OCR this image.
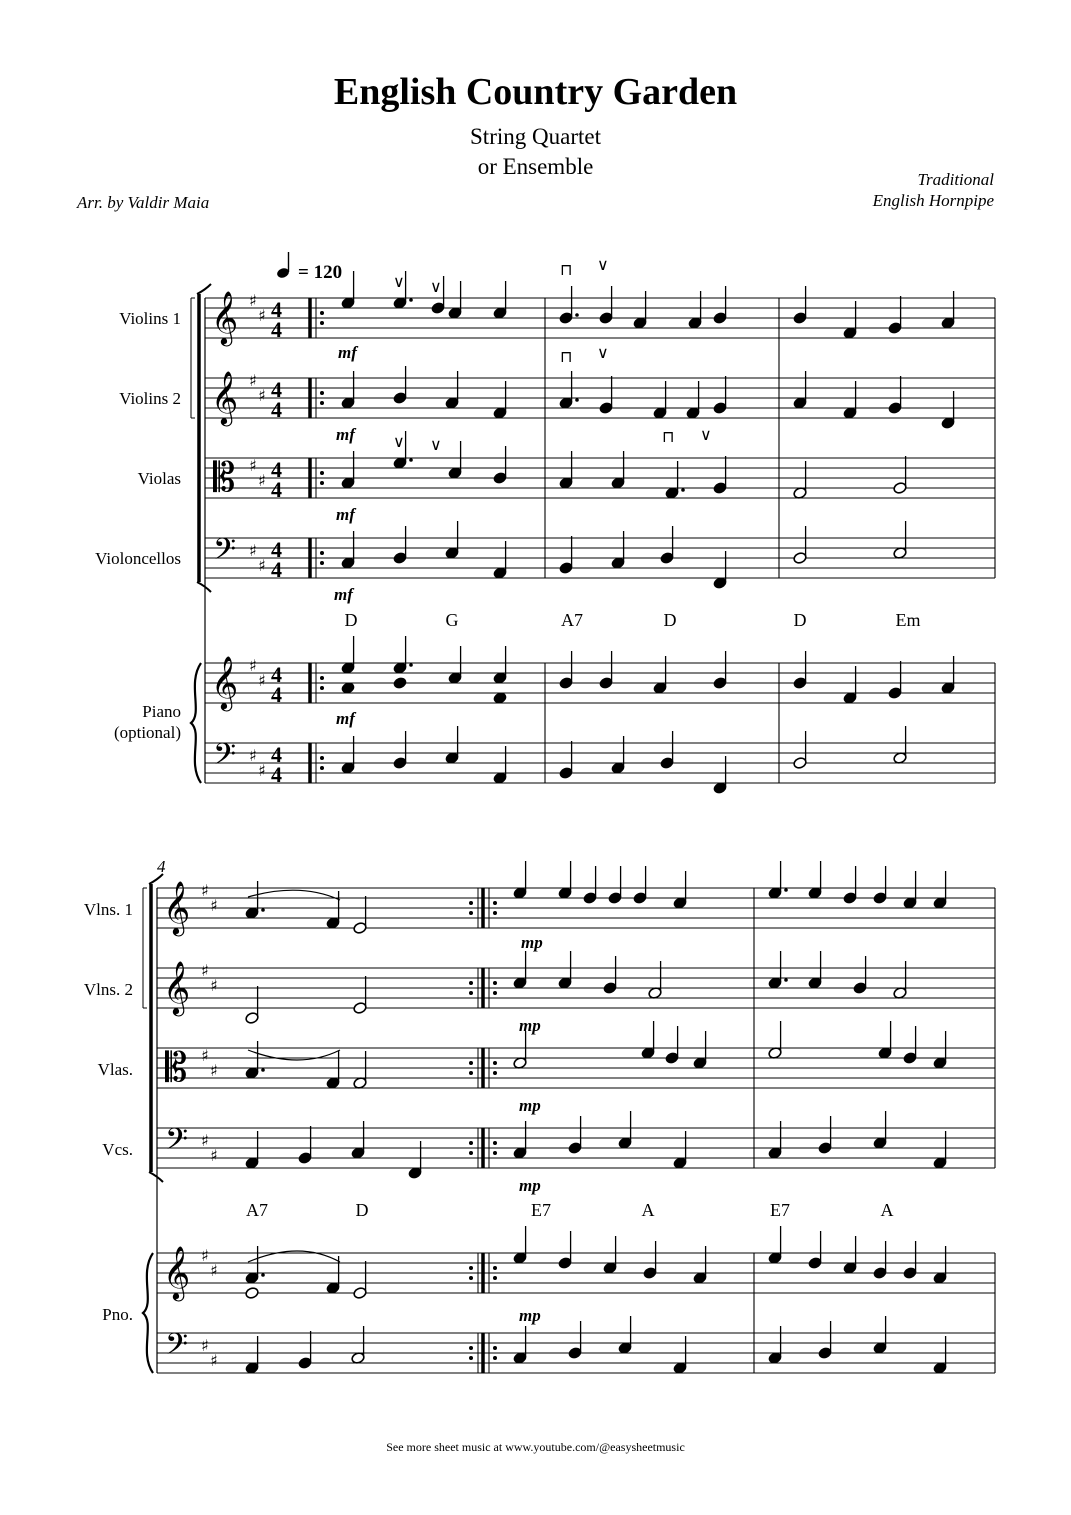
English Country Garden
String Quartet
or Ensemble
Traditional
English Hornpipe
Arr. by Valdir Maia
= 120
Violins 1
Violins 2
Violas
Violoncellos
Piano
(optional)
Vlns. 1
Vlns. 2
Vlas.
Vcs.
Pno.
4
D	G	A7	D	D	Em
A7	D	E7	A	E7	A
mf
mf
mf
mf
mf
mp
mp
mp
mp
mp
𝄞 ♯
♯ 4
4
𝄞 ♯
♯ 4
4
𝄡 ♯
♯ 4
4
𝄢 ♯
♯
4
4
𝄞 ♯
♯ 4
4
𝄢 ♯
♯
4
4
𝄞 ♯
♯
𝄞 ♯
♯
𝄡 ♯
♯
𝄢 ♯
♯
𝄞 ♯
♯
𝄢 ♯
♯
∨ ∨
⊓ ∨
⊓ ∨
∨ ∨	⊓ ∨
See more sheet music at www.youtube.com/@easysheetmusic
